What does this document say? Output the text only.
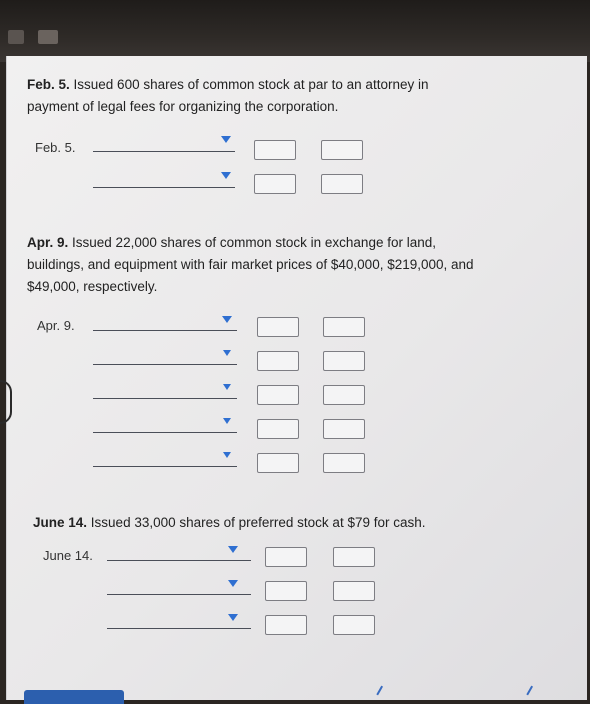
Feb. 5. Issued 600 shares of common stock at par to an attorney in
payment of legal fees for organizing the corporation.
Feb. 5.
Apr. 9. Issued 22,000 shares of common stock in exchange for land,
buildings, and equipment with fair market prices of $40,000, $219,000, and
$49,000, respectively.
Apr. 9.
June 14. Issued 33,000 shares of preferred stock at $79 for cash.
June 14.
